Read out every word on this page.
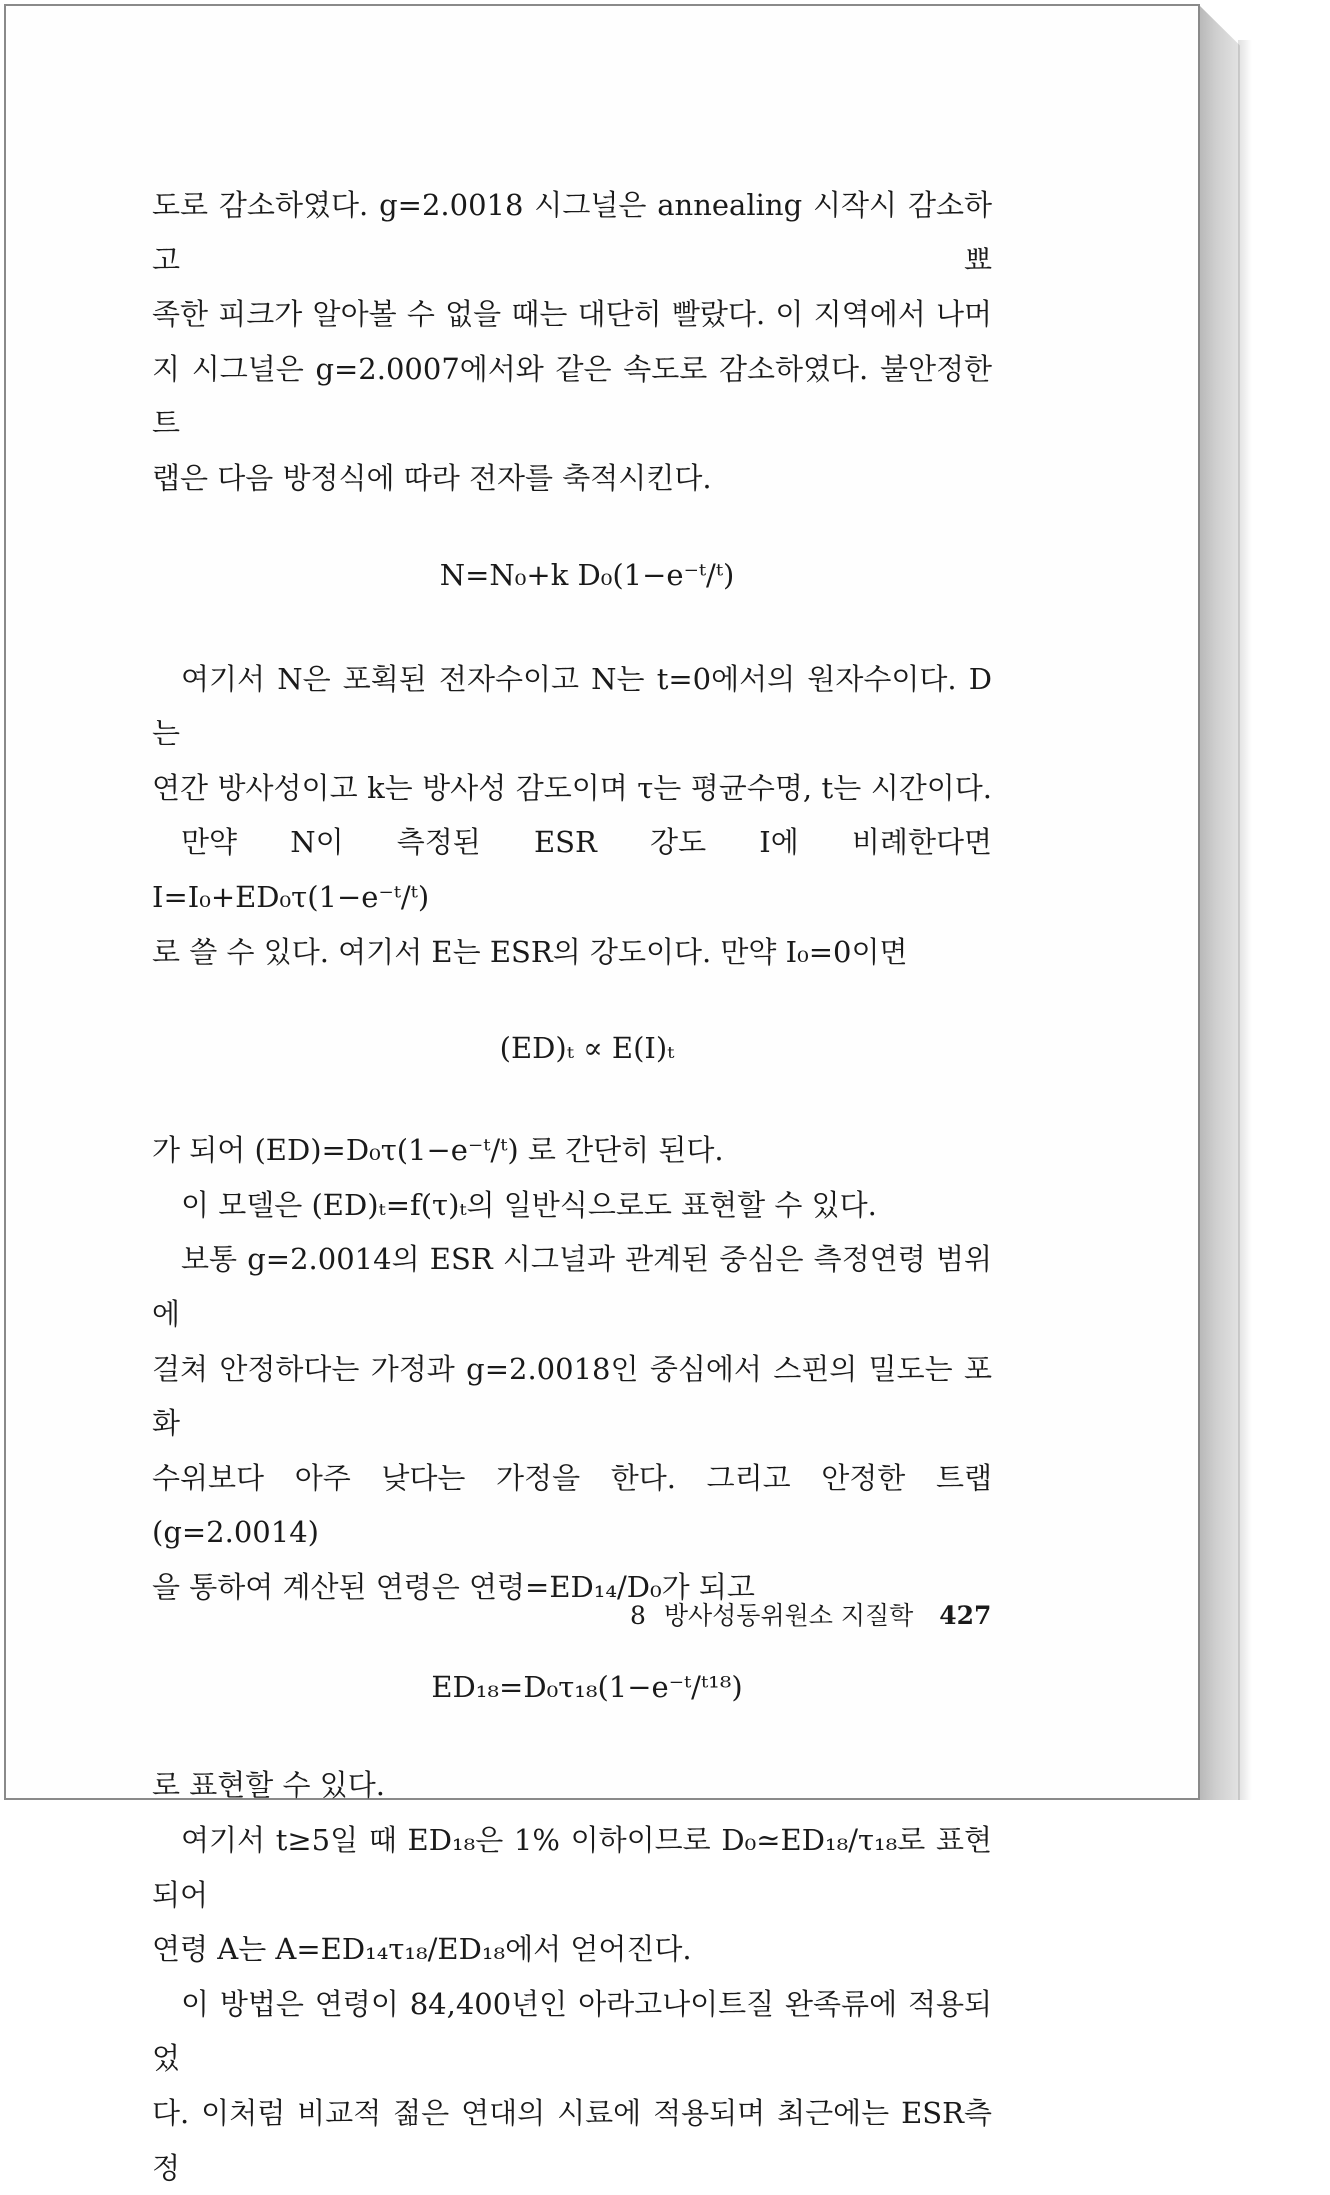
도로 감소하였다. g=2.0018 시그널은 annealing 시작시 감소하고 뾰

족한 피크가 알아볼 수 없을 때는 대단히 빨랐다. 이 지역에서 나머

지 시그널은 g=2.0007에서와 같은 속도로 감소하였다. 불안정한 트

랩은 다음 방정식에 따라 전자를 축적시킨다.

N=N₀+k D₀(1−e⁻ᵗ/ᵗ)

여기서 N은 포획된 전자수이고 N는 t=0에서의 원자수이다. D는

연간 방사성이고 k는 방사성 감도이며 τ는 평균수명, t는 시간이다.

만약 N이 측정된 ESR 강도 I에 비례한다면 I=I₀+ED₀τ(1−e⁻ᵗ/ᵗ)

로 쓸 수 있다. 여기서 E는 ESR의 강도이다. 만약 I₀=0이면

(ED)ₜ ∝ E(I)ₜ

가 되어 (ED)=D₀τ(1−e⁻ᵗ/ᵗ) 로 간단히 된다.

이 모델은 (ED)ₜ=f(τ)ₜ의 일반식으로도 표현할 수 있다.

보통 g=2.0014의 ESR 시그널과 관계된 중심은 측정연령 범위에

걸쳐 안정하다는 가정과 g=2.0018인 중심에서 스핀의 밀도는 포화

수위보다 아주 낮다는 가정을 한다. 그리고 안정한 트랩(g=2.0014)

을 통하여 계산된 연령은 연령=ED₁₄/D₀가 되고

ED₁₈=D₀τ₁₈(1−e⁻ᵗ/ᵗ¹⁸)

로 표현할 수 있다.

여기서 t≥5일 때 ED₁₈은 1% 이하이므로 D₀≃ED₁₈/τ₁₈로 표현되어

연령 A는 A=ED₁₄τ₁₈/ED₁₈에서 얻어진다.

이 방법은 연령이 84,400년인 아라고나이트질 완족류에 적용되었

다. 이처럼 비교적 젊은 연대의 시료에 적용되며 최근에는 ESR측정

8 방사성동위원소 지질학 427
